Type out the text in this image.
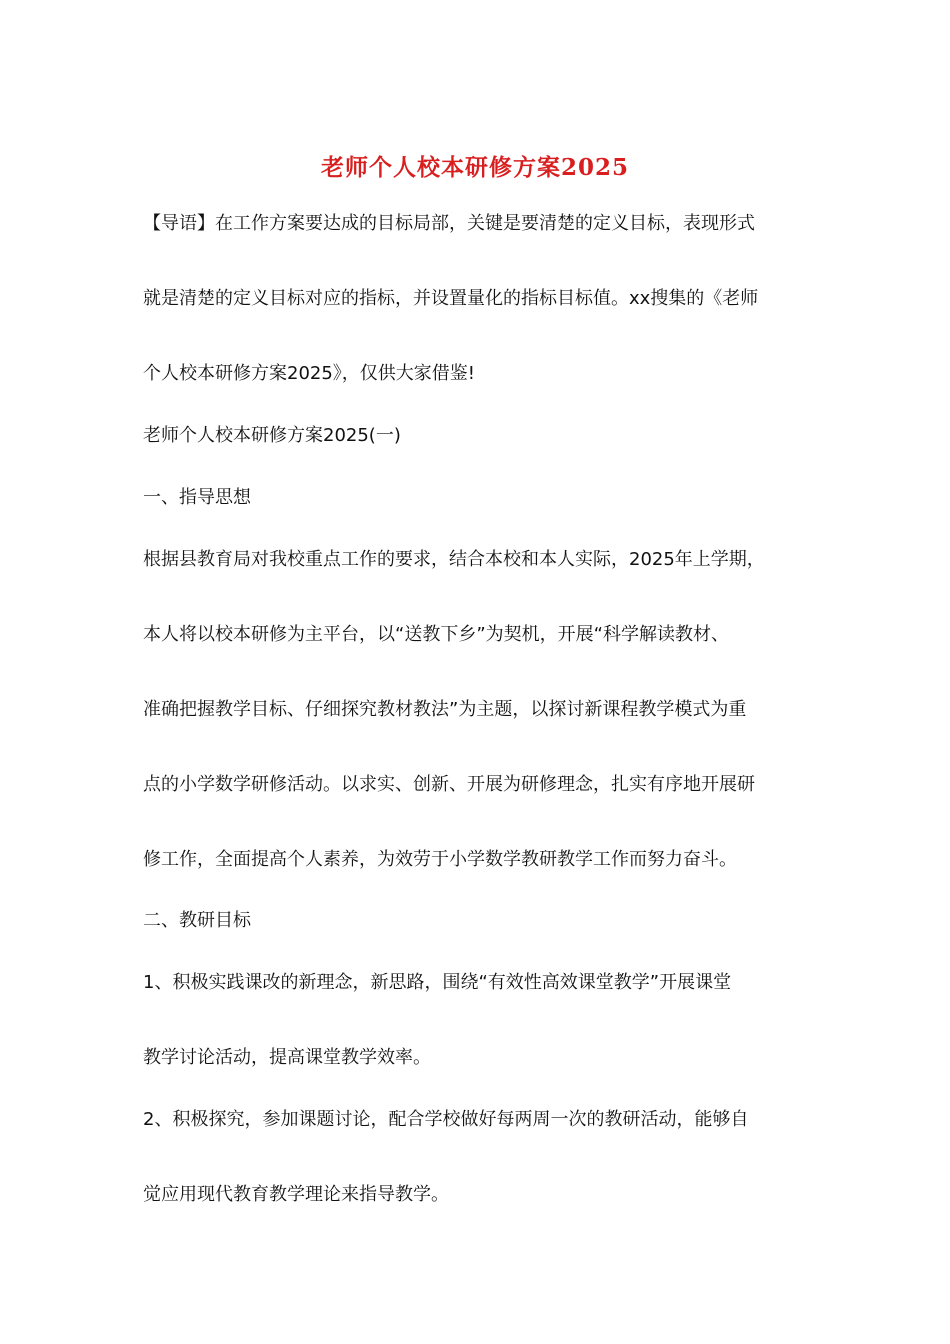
老师个人校本研修方案2025
【导语】在工作方案要达成的目标局部，关键是要清楚的定义目标，表现形式
就是清楚的定义目标对应的指标，并设置量化的指标目标值。xx搜集的《老师
个人校本研修方案2025》，仅供大家借鉴!
老师个人校本研修方案2025(一)
一、指导思想
根据县教育局对我校重点工作的要求，结合本校和本人实际，2025年上学期，
本人将以校本研修为主平台，以“送教下乡”为契机，开展“科学解读教材、
准确把握教学目标、仔细探究教材教法”为主题，以探讨新课程教学模式为重
点的小学数学研修活动。以求实、创新、开展为研修理念，扎实有序地开展研
修工作，全面提高个人素养，为效劳于小学数学教研教学工作而努力奋斗。
二、教研目标
1、积极实践课改的新理念，新思路，围绕“有效性高效课堂教学”开展课堂
教学讨论活动，提高课堂教学效率。
2、积极探究，参加课题讨论，配合学校做好每两周一次的教研活动，能够自
觉应用现代教育教学理论来指导教学。
